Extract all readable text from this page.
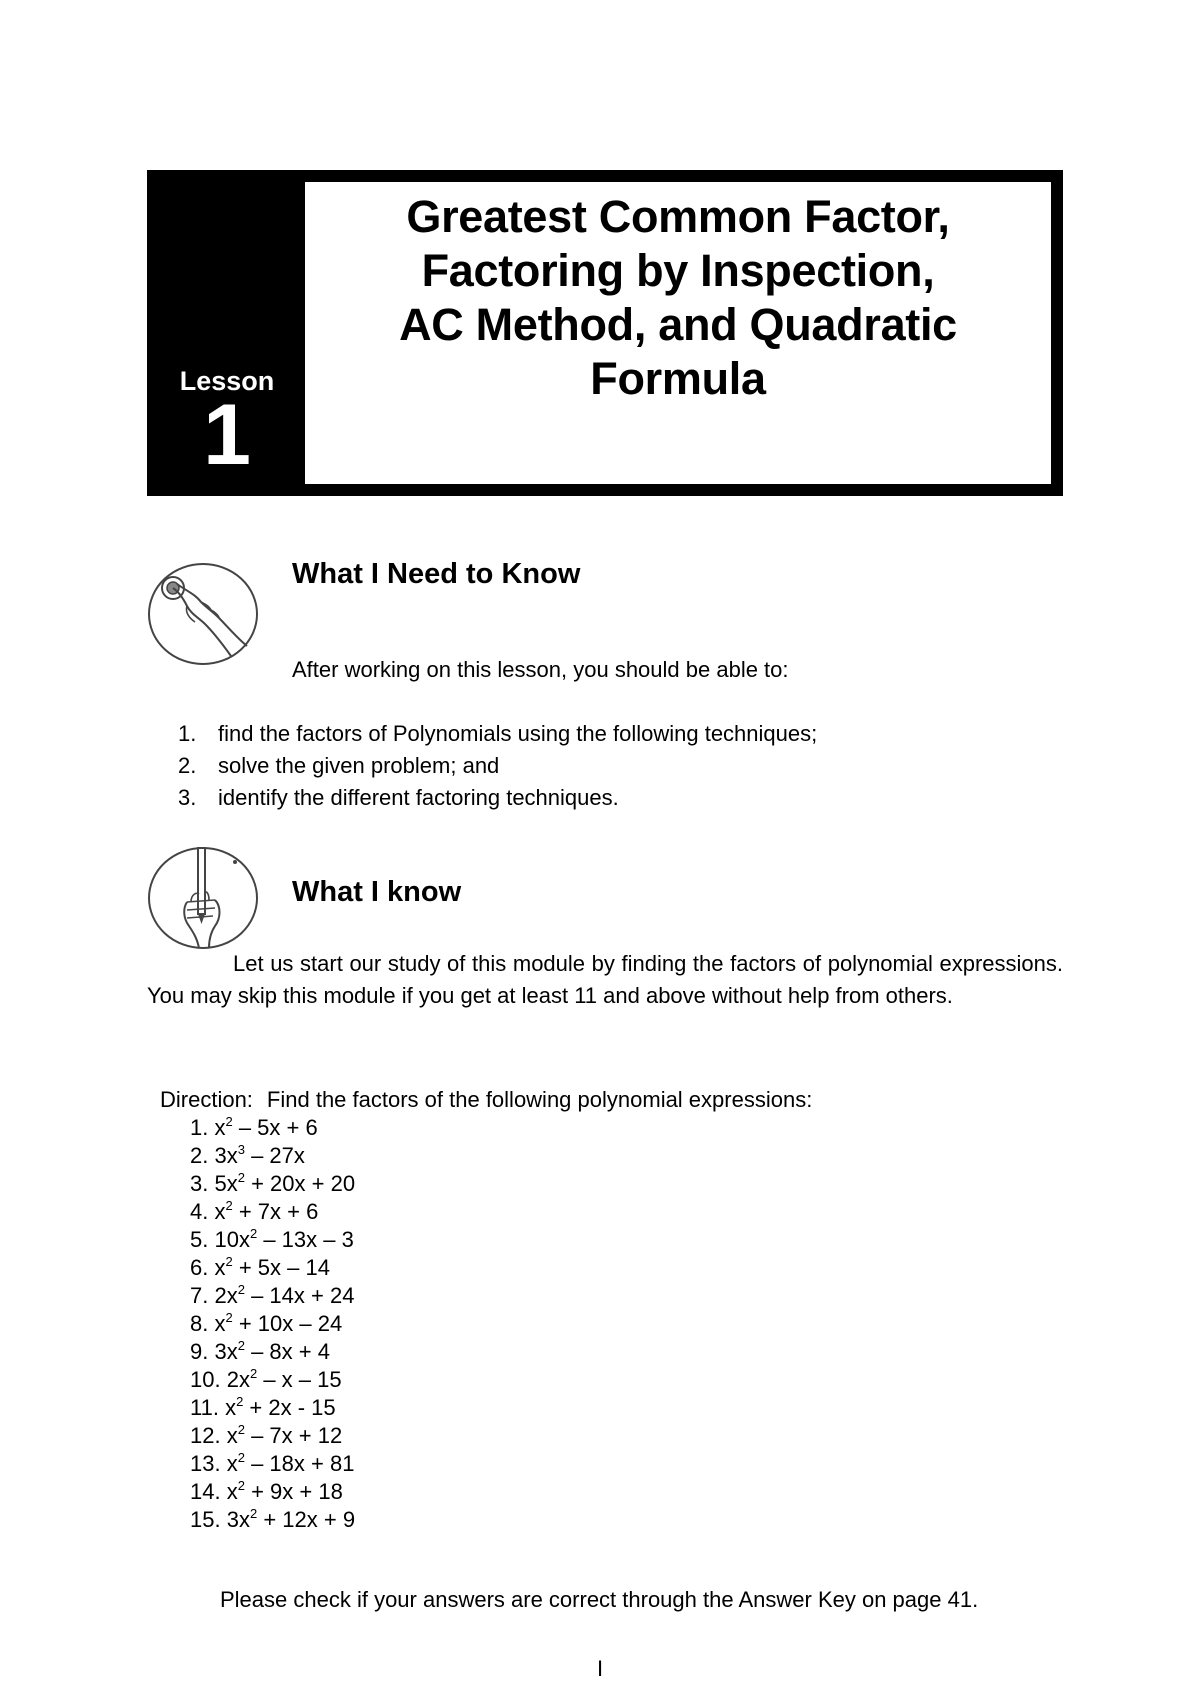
Lesson
1
Greatest Common Factor,
Factoring by Inspection,
AC Method, and Quadratic
Formula
What I Need to Know
After working on this lesson, you should be able to:
1. find the factors of Polynomials using the following techniques;
2. solve the given problem; and
3. identify the different factoring techniques.
What I know
Let us start our study of this module by finding the factors of polynomial expressions. You may skip this module if you get at least 11 and above without help from others.
Direction: Find the factors of the following polynomial expressions:
1. $x^2 - 5x + 6$
2. $3x^3 - 27x$
3. $5x^2 + 20x + 20$
4. $x^2 + 7x + 6$
5. $10x^2 - 13x - 3$
6. $x^2 + 5x - 14$
7. $2x^2 - 14x + 24$
8. $x^2 + 10x - 24$
9. $3x^2 - 8x + 4$
10. $2x^2$ – x – 15
11. $x^2 + 2x - 15$
12. $x^2 - 7x + 12$
13. $x^2 - 18x + 81$
14. $x^2 + 9x + 18$
15. $3x^2 + 12x + 9$
Please check if your answers are correct through the Answer Key on page 41.
I
